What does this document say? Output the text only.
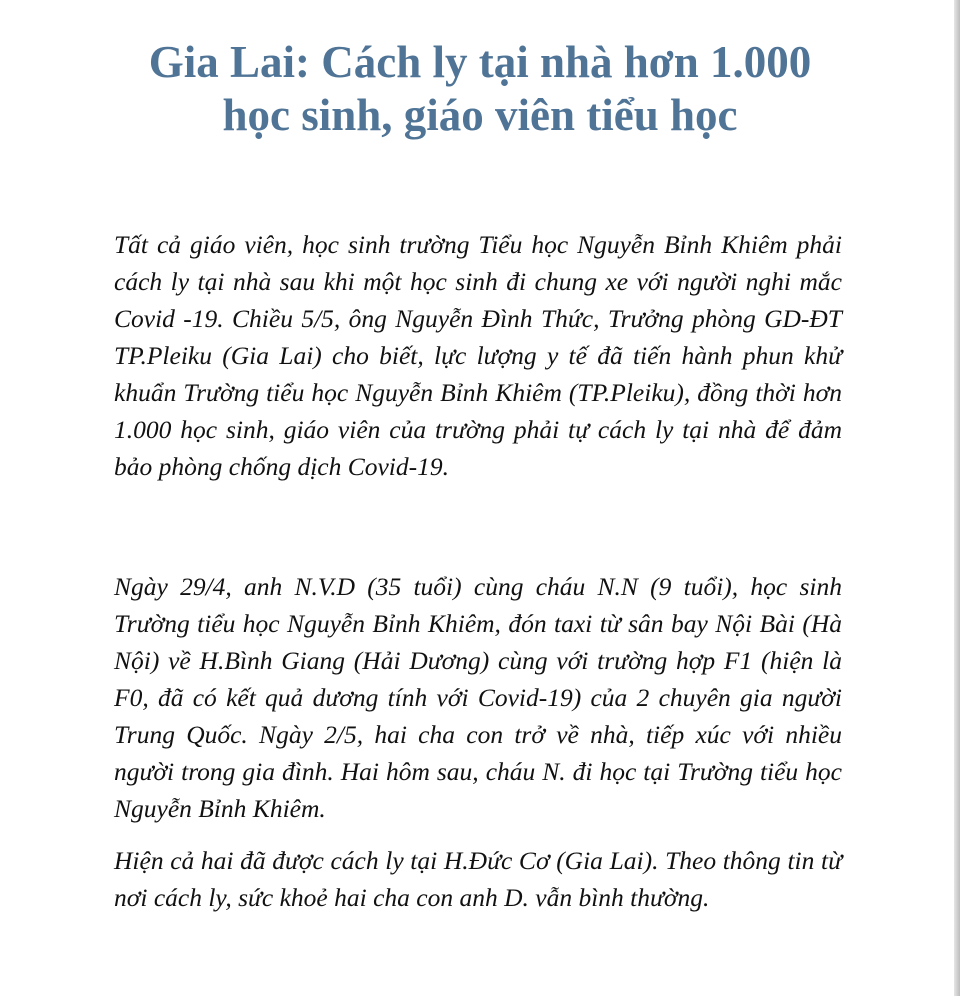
Gia Lai: Cách ly tại nhà hơn 1.000 học sinh, giáo viên tiểu học

Tất cả giáo viên, học sinh trường Tiểu học Nguyễn Bỉnh Khiêm phải cách ly tại nhà sau khi một học sinh đi chung xe với người nghi mắc Covid -19. Chiều 5/5, ông Nguyễn Đình Thức, Trưởng phòng GD-ĐT TP.Pleiku (Gia Lai) cho biết, lực lượng y tế đã tiến hành phun khử khuẩn Trường tiểu học Nguyễn Bỉnh Khiêm (TP.Pleiku), đồng thời hơn 1.000 học sinh, giáo viên của trường phải tự cách ly tại nhà để đảm bảo phòng chống dịch Covid-19.

Ngày 29/4, anh N.V.D (35 tuổi) cùng cháu N.N (9 tuổi), học sinh Trường tiểu học Nguyễn Bỉnh Khiêm, đón taxi từ sân bay Nội Bài (Hà Nội) về H.Bình Giang (Hải Dương) cùng với trường hợp F1 (hiện là F0, đã có kết quả dương tính với Covid-19) của 2 chuyên gia người Trung Quốc. Ngày 2/5, hai cha con trở về nhà, tiếp xúc với nhiều người trong gia đình. Hai hôm sau, cháu N. đi học tại Trường tiểu học Nguyễn Bỉnh Khiêm.

Hiện cả hai đã được cách ly tại H.Đức Cơ (Gia Lai). Theo thông tin từ nơi cách ly, sức khoẻ hai cha con anh D. vẫn bình thường.
